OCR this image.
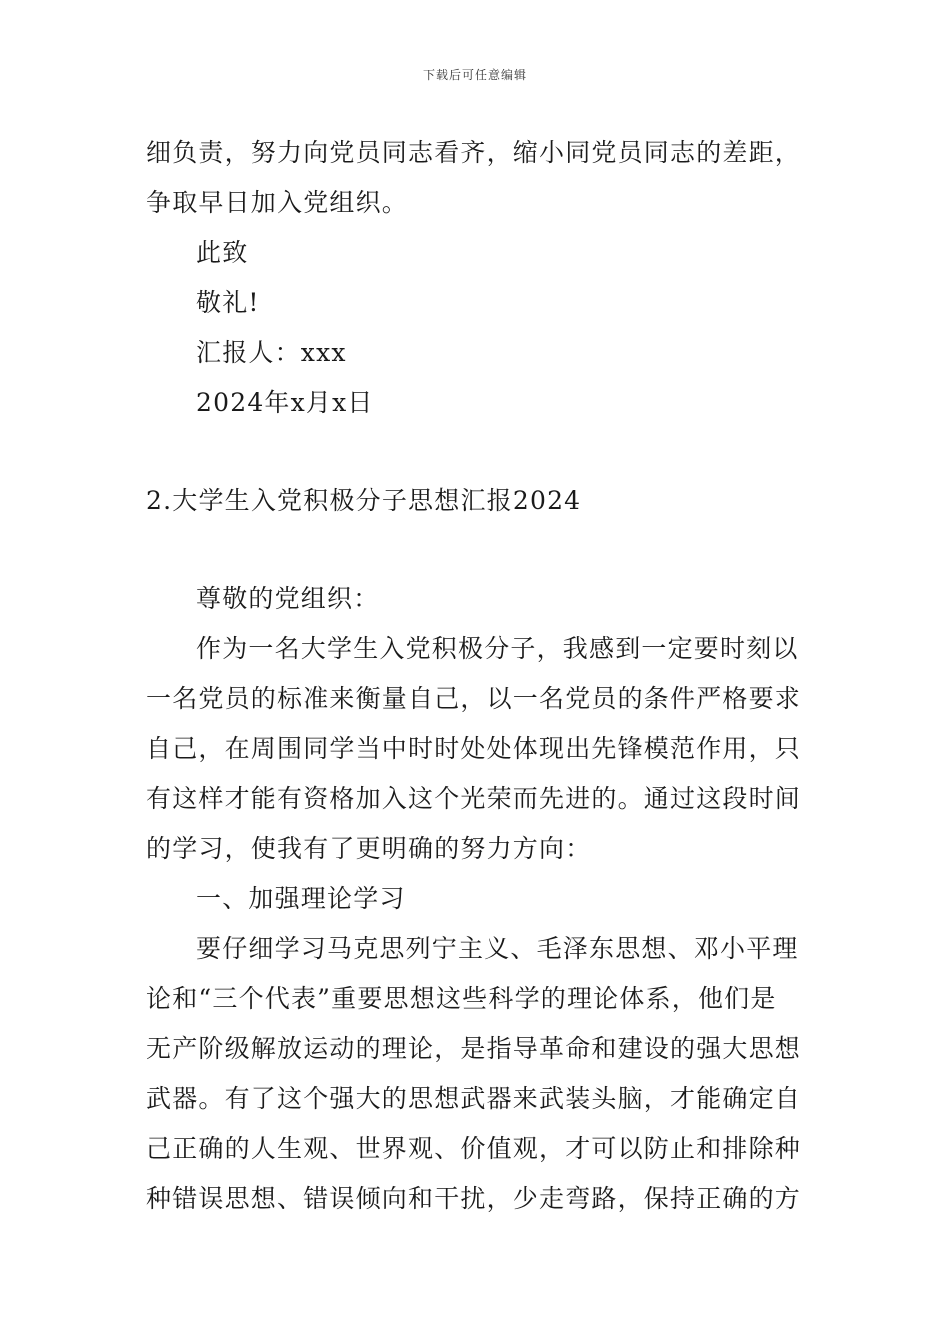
下载后可任意编辑
细负责，努力向党员同志看齐，缩小同党员同志的差距，
争取早日加入党组织。
此致
敬礼!
汇报人：xxx
2024年x月x日
2.大学生入党积极分子思想汇报2024
尊敬的党组织：
作为一名大学生入党积极分子，我感到一定要时刻以
一名党员的标准来衡量自己，以一名党员的条件严格要求
自己，在周围同学当中时时处处体现出先锋模范作用，只
有这样才能有资格加入这个光荣而先进的。通过这段时间
的学习，使我有了更明确的努力方向：
一、加强理论学习
要仔细学习马克思列宁主义、毛泽东思想、邓小平理
论和“三个代表”重要思想这些科学的理论体系，他们是
无产阶级解放运动的理论，是指导革命和建设的强大思想
武器。有了这个强大的思想武器来武装头脑，才能确定自
己正确的人生观、世界观、价值观，才可以防止和排除种
种错误思想、错误倾向和干扰，少走弯路，保持正确的方
